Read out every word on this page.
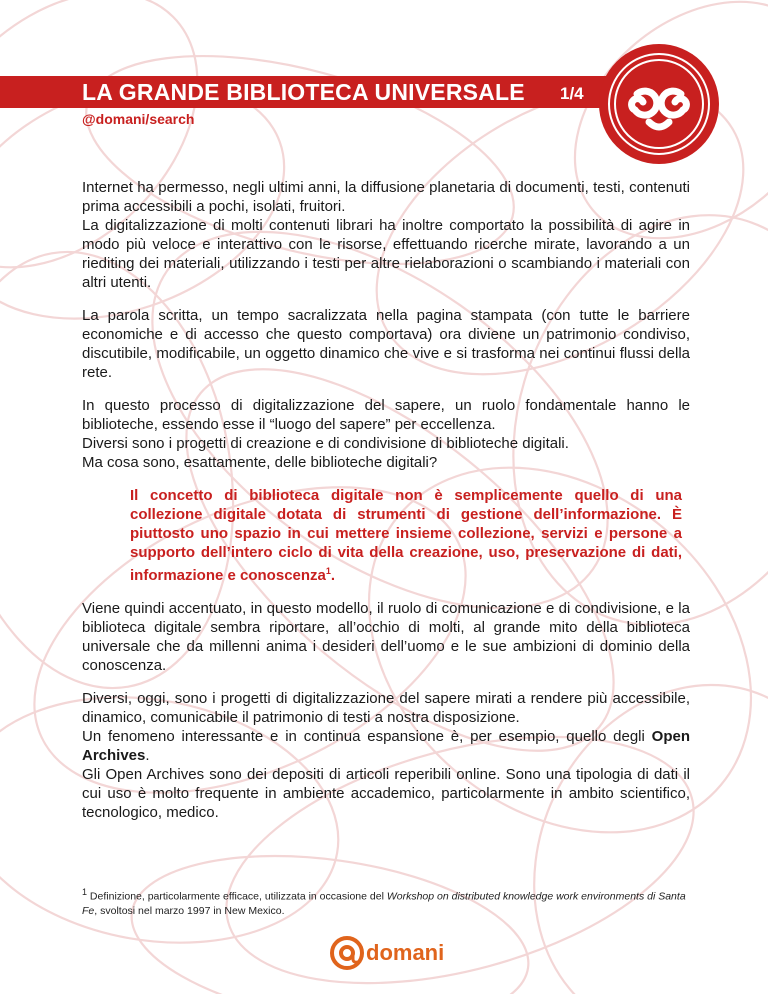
LA GRANDE BIBLIOTECA UNIVERSALE 1/4
@domani/search

Internet ha permesso, negli ultimi anni, la diffusione planetaria di documenti, testi, contenuti prima accessibili a pochi, isolati, fruitori.

La digitalizzazione di molti contenuti librari ha inoltre comportato la possibilità di agire in modo più veloce e interattivo con le risorse, effettuando ricerche mirate, lavorando a un riediting dei materiali, utilizzando i testi per altre rielaborazioni o scambiando i materiali con altri utenti.

La parola scritta, un tempo sacralizzata nella pagina stampata (con tutte le barriere economiche e di accesso che questo comportava) ora diviene un patrimonio condiviso, discutibile, modificabile, un oggetto dinamico che vive e si trasforma nei continui flussi della rete.

In questo processo di digitalizzazione del sapere, un ruolo fondamentale hanno le biblioteche, essendo esse il “luogo del sapere” per eccellenza.

Diversi sono i progetti di creazione e di condivisione di biblioteche digitali.

Ma cosa sono, esattamente, delle biblioteche digitali?

Il concetto di biblioteca digitale non è semplicemente quello di una collezione digitale dotata di strumenti di gestione dell’informazione. È piuttosto uno spazio in cui mettere insieme collezione, servizi e persone a supporto dell’intero ciclo di vita della creazione, uso, preservazione di dati, informazione e conoscenza$^1$.

Viene quindi accentuato, in questo modello, il ruolo di comunicazione e di condivisione, e la biblioteca digitale sembra riportare, all’occhio di molti, al grande mito della biblioteca universale che da millenni anima i desideri dell’uomo e le sue ambizioni di dominio della conoscenza.

Diversi, oggi, sono i progetti di digitalizzazione del sapere mirati a rendere più accessibile, dinamico, comunicabile il patrimonio di testi a nostra disposizione.

Un fenomeno interessante e in continua espansione è, per esempio, quello degli Open Archives.

Gli Open Archives sono dei depositi di articoli reperibili online. Sono una tipologia di dati il cui uso è molto frequente in ambiente accademico, particolarmente in ambito scientifico, tecnologico, medico.

$^1$ Definizione, particolarmente efficace, utilizzata in occasione del Workshop on distributed knowledge work environments di Santa Fe, svoltosi nel marzo 1997 in New Mexico.
domani
